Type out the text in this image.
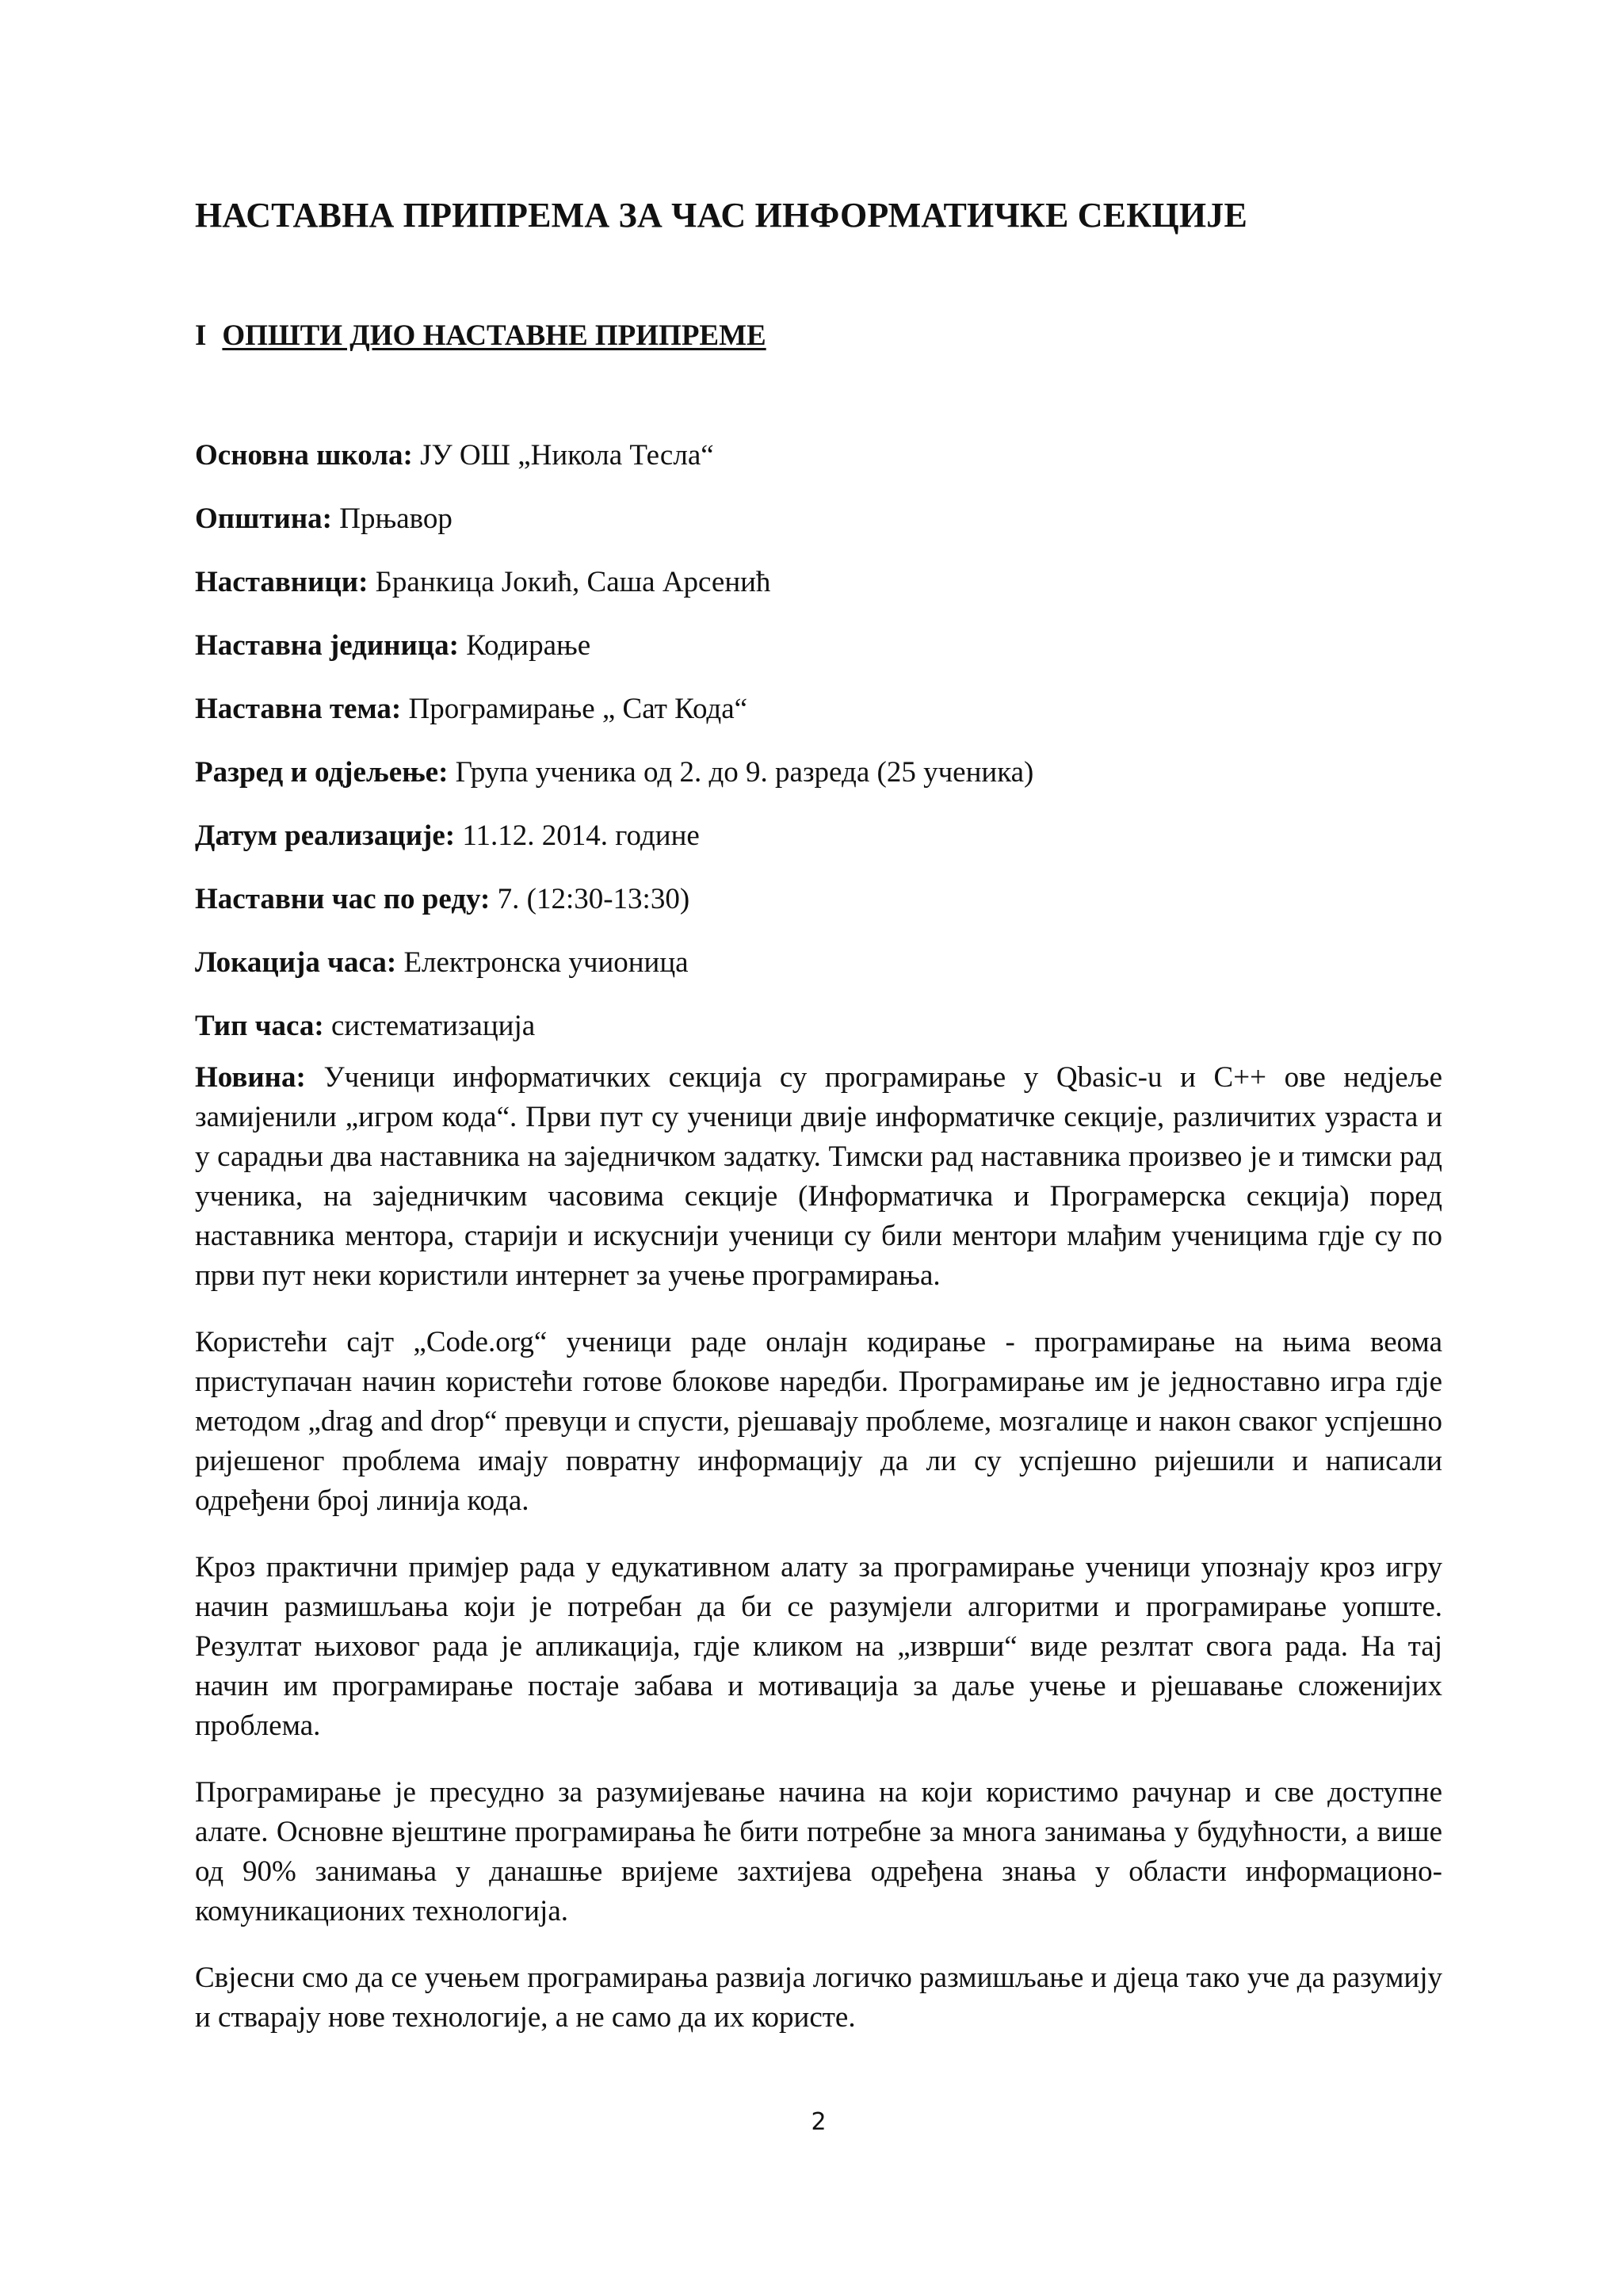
НАСТАВНА ПРИПРЕМА ЗА ЧАС ИНФОРМАТИЧКЕ СЕКЦИЈЕ
I ОПШТИ ДИО НАСТАВНЕ ПРИПРЕМЕ
Основна школа: ЈУ ОШ „Никола Тесла“
Општина: Прњавор
Наставници: Бранкица Јокић, Саша Арсенић
Наставна јединица: Кодирање
Наставна тема: Програмирање „ Сат Кода“
Разред и одјељење: Група ученика од 2. до 9. разреда (25 ученика)
Датум реализације: 11.12. 2014. године
Наставни час по реду: 7. (12:30-13:30)
Локација часа: Електронска учионица
Тип часа: систематизација

Новина: Ученици информатичких секција су програмирање у Qbasic-u и C++ ове недјеље замијенили „игром кода“. Први пут су ученици двије информатичке секције, различитих узраста и у сарадњи два наставника на заједничком задатку. Тимски рад наставника произвео је и тимски рад ученика, на заједничким часовима секције (Информатичка и Програмерска секција) поред наставника ментора, старији и искуснији ученици су били ментори млађим ученицима гдје су по први пут неки користили интернет за учење програмирања.

Користећи сајт „Code.org“ ученици раде онлајн кодирање - програмирање на њима веома приступачан начин користећи готове блокове наредби. Програмирање им је једноставно игра гдје методом „drag and drop“ превуци и спусти, рјешавају проблеме, мозгалице и након сваког успјешно ријешеног проблема имају повратну информацију да ли су успјешно ријешили и написали одређени број линија кода.

Кроз практични примјер рада у едукативном алату за програмирање ученици упознају кроз игру начин размишљања који је потребан да би се разумјели алгоритми и програмирање уопште. Резултат њиховог рада је апликација, гдје кликом на „изврши“ виде резлтат свога рада. На тај начин им програмирање постаје забава и мотивација за даље учење и рјешавање сложенијих проблема.

Програмирање је пресудно за разумијевање начина на који користимо рачунар и све доступне алате. Основне вјештине програмирања ће бити потребне за многа занимања у будућности, а више од 90% занимања у данашње вријеме захтијева одређена знања у области информационо-комуникационих технологија.

Свјесни смо да се учењем програмирања развија логичко размишљање и дјеца тако уче да разумију и стварају нове технологије, а не само да их користе.

2
